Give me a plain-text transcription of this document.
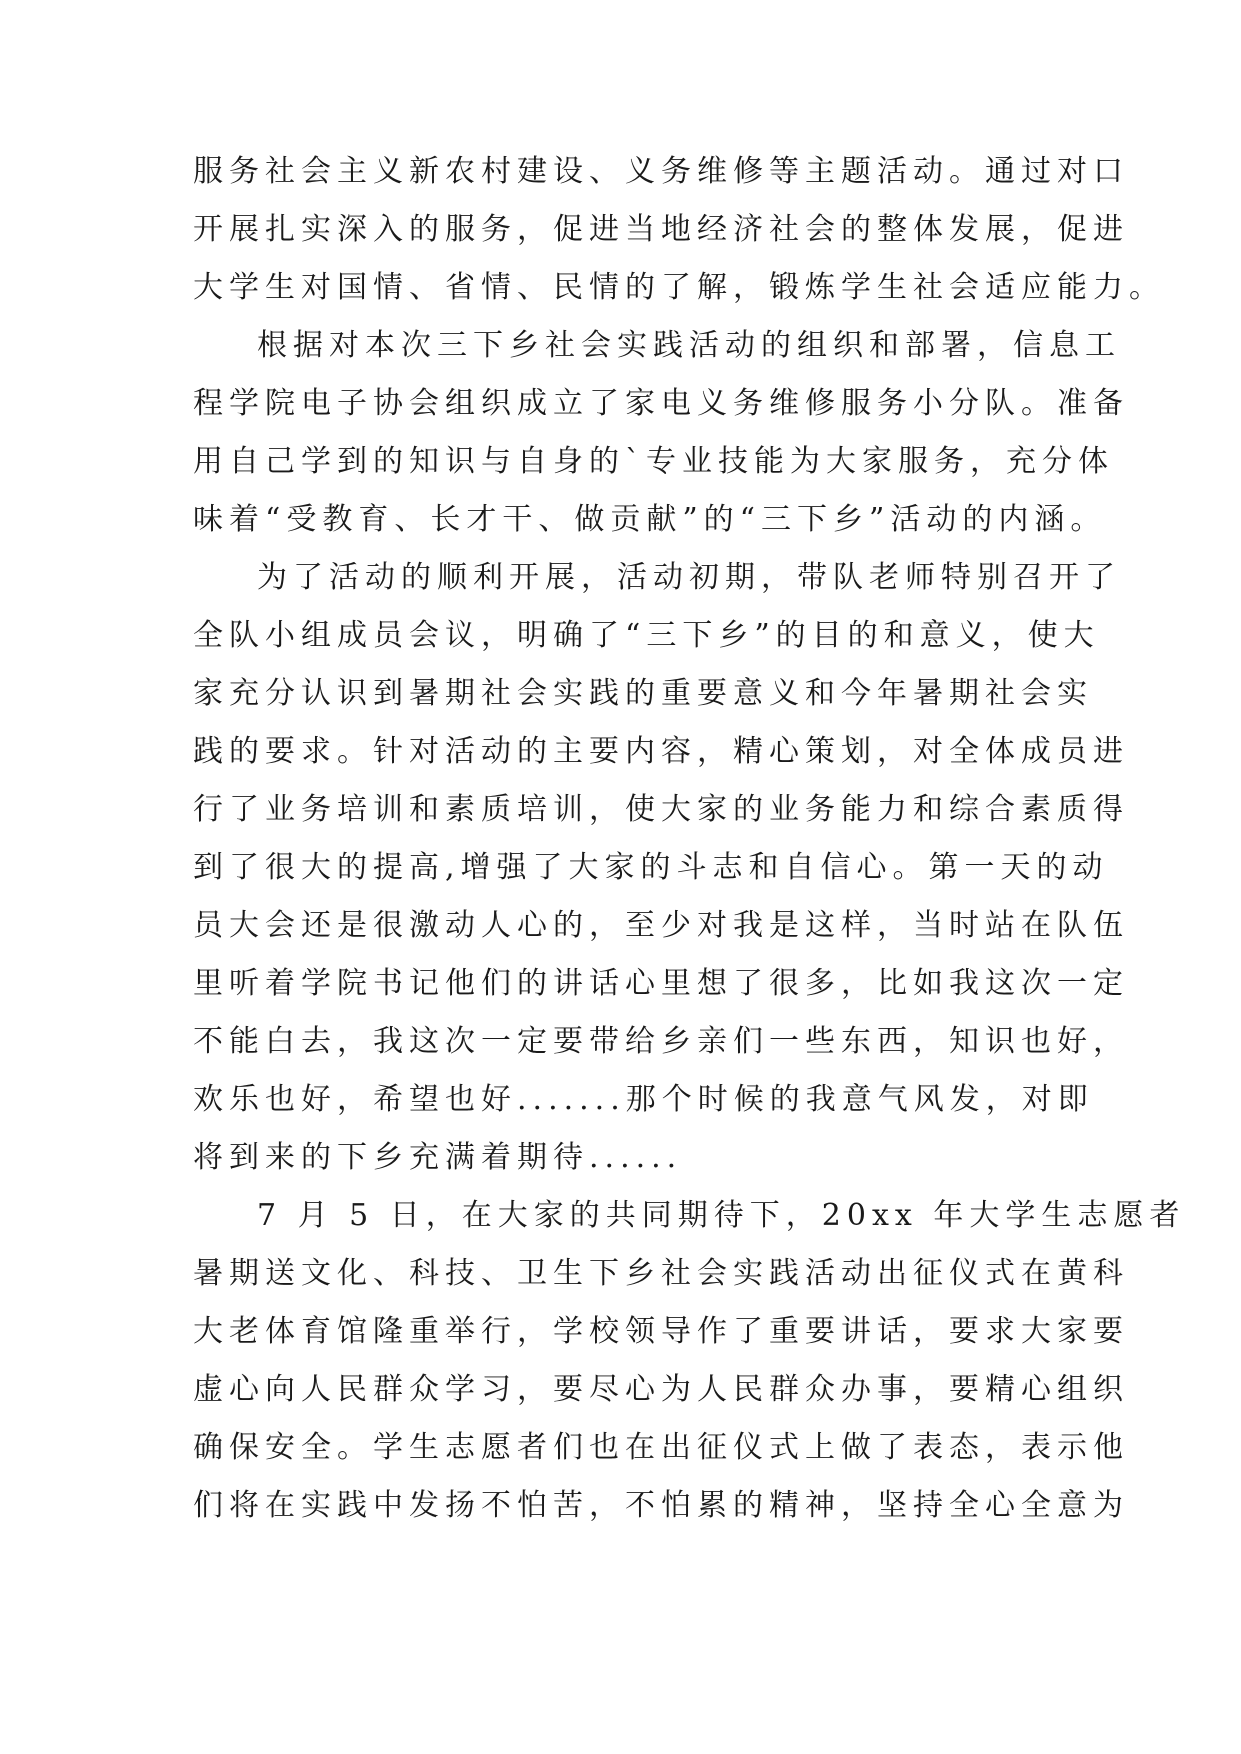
服务社会主义新农村建设、义务维修等主题活动。通过对口
开展扎实深入的服务，促进当地经济社会的整体发展，促进
大学生对国情、省情、民情的了解，锻炼学生社会适应能力。
根据对本次三下乡社会实践活动的组织和部署，信息工
程学院电子协会组织成立了家电义务维修服务小分队。准备
用自己学到的知识与自身的`专业技能为大家服务，充分体
味着“受教育、长才干、做贡献”的“三下乡”活动的内涵。
为了活动的顺利开展，活动初期，带队老师特别召开了
全队小组成员会议，明确了“三下乡”的目的和意义，使大
家充分认识到暑期社会实践的重要意义和今年暑期社会实
践的要求。针对活动的主要内容，精心策划，对全体成员进
行了业务培训和素质培训，使大家的业务能力和综合素质得
到了很大的提高,增强了大家的斗志和自信心。第一天的动
员大会还是很激动人心的，至少对我是这样，当时站在队伍
里听着学院书记他们的讲话心里想了很多，比如我这次一定
不能白去，我这次一定要带给乡亲们一些东西，知识也好，
欢乐也好，希望也好.......那个时候的我意气风发，对即
将到来的下乡充满着期待......
7 月 5 日，在大家的共同期待下，20xx 年大学生志愿者
暑期送文化、科技、卫生下乡社会实践活动出征仪式在黄科
大老体育馆隆重举行，学校领导作了重要讲话，要求大家要
虚心向人民群众学习，要尽心为人民群众办事，要精心组织
确保安全。学生志愿者们也在出征仪式上做了表态，表示他
们将在实践中发扬不怕苦，不怕累的精神，坚持全心全意为
